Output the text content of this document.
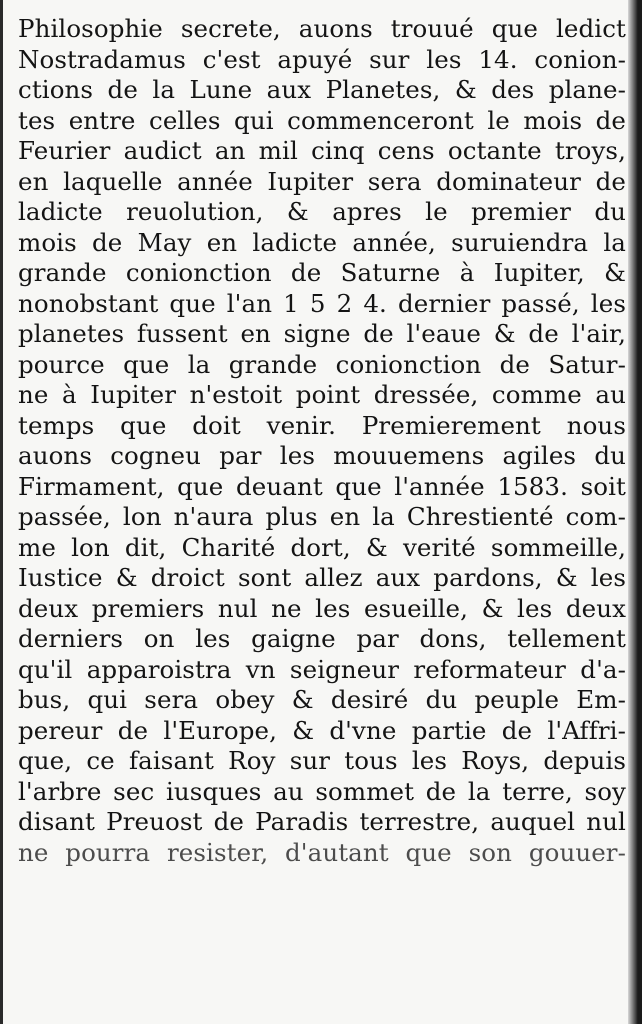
Philosophie secrete, auons trouué que ledict
Nostradamus c'est apuyé sur les 14. conion-
ctions de la Lune aux Planetes, & des plane-
tes entre celles qui commenceront le mois de
Feurier audict an mil cinq cens octante troys,
en laquelle année Iupiter sera dominateur de
ladicte reuolution, & apres le premier du
mois de May en ladicte année, suruiendra la
grande conionction de Saturne à Iupiter, &
nonobstant que l'an 1 5 2 4. dernier passé, les
planetes fussent en signe de l'eaue & de l'air,
pource que la grande conionction de Satur-
ne à Iupiter n'estoit point dressée, comme au
temps que doit venir. Premierement nous
auons cogneu par les mouuemens agiles du
Firmament, que deuant que l'année 1583. soit
passée, lon n'aura plus en la Chrestienté com-
me lon dit, Charité dort, & verité sommeille,
Iustice & droict sont allez aux pardons, & les
deux premiers nul ne les esueille, & les deux
derniers on les gaigne par dons, tellement
qu'il apparoistra vn seigneur reformateur d'a-
bus, qui sera obey & desiré du peuple Em-
pereur de l'Europe, & d'vne partie de l'Affri-
que, ce faisant Roy sur tous les Roys, depuis
l'arbre sec iusques au sommet de la terre, soy
disant Preuost de Paradis terrestre, auquel nul
ne pourra resister, d'autant que son gouuer-
